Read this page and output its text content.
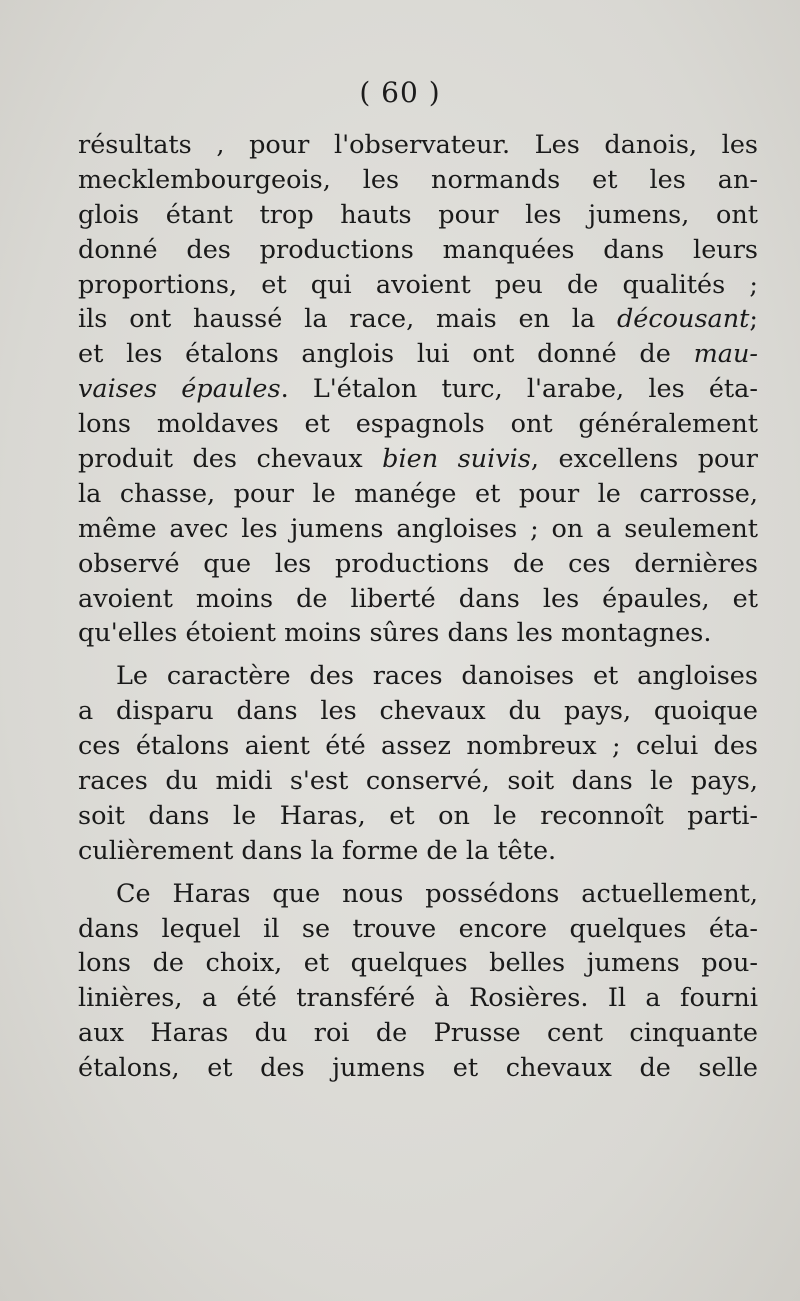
( 60 )
résultats , pour l'observateur. Les danois, les
mecklembourgeois, les normands et les an-
glois étant trop hauts pour les jumens, ont
donné des productions manquées dans leurs
proportions, et qui avoient peu de qualités ;
ils ont haussé la race, mais en la décousant;
et les étalons anglois lui ont donné de mau-
vaises épaules. L'étalon turc, l'arabe, les éta-
lons moldaves et espagnols ont généralement
produit des chevaux bien suivis, excellens pour
la chasse, pour le manége et pour le carrosse,
même avec les jumens angloises ; on a seulement
observé que les productions de ces dernières
avoient moins de liberté dans les épaules, et
qu'elles étoient moins sûres dans les montagnes.
Le caractère des races danoises et angloises
a disparu dans les chevaux du pays, quoique
ces étalons aient été assez nombreux ; celui des
races du midi s'est conservé, soit dans le pays,
soit dans le Haras, et on le reconnoît parti-
culièrement dans la forme de la tête.
Ce Haras que nous possédons actuellement,
dans lequel il se trouve encore quelques éta-
lons de choix, et quelques belles jumens pou-
linières, a été transféré à Rosières. Il a fourni
aux Haras du roi de Prusse cent cinquante
étalons, et des jumens et chevaux de selle
